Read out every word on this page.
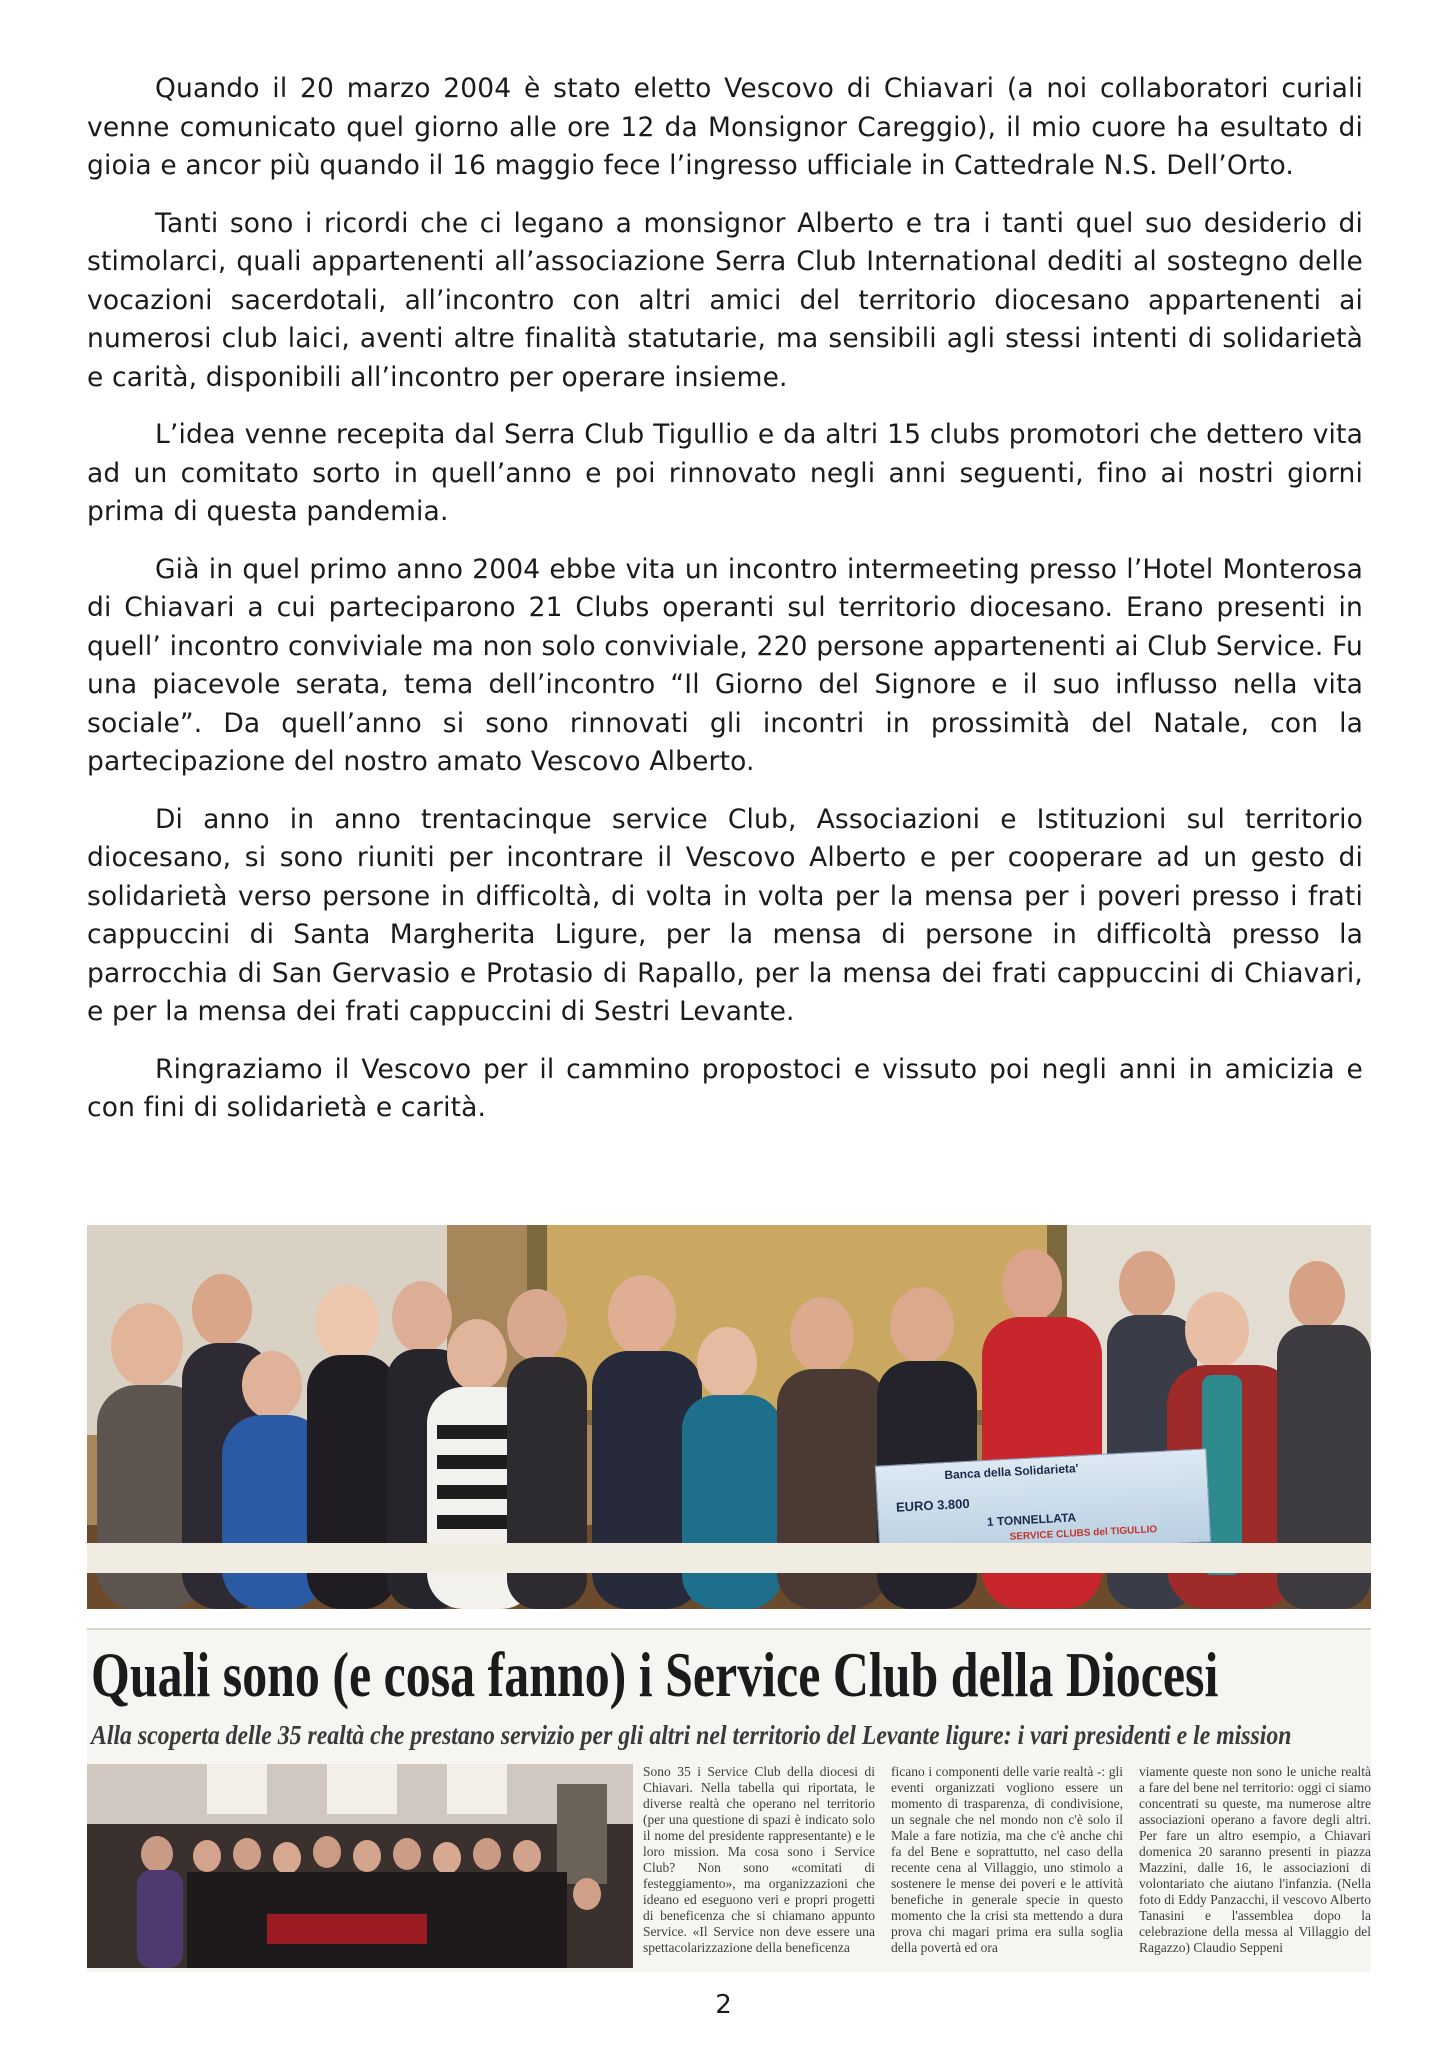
Quando il 20 marzo 2004 è stato eletto Vescovo di Chiavari (a noi collaboratori curiali venne comunicato quel giorno alle ore 12 da Monsignor Careggio), il mio cuore ha esultato di gioia e ancor più quando il 16 maggio fece l’ingresso ufficiale in Cattedrale N.S. Dell’Orto.

Tanti sono i ricordi che ci legano a monsignor Alberto e tra i tanti quel suo desiderio di stimolarci, quali appartenenti all’associazione Serra Club International dediti al sostegno delle vocazioni sacerdotali, all’incontro con altri amici del territorio diocesano appartenenti ai numerosi club laici, aventi altre finalità statutarie, ma sensibili agli stessi intenti di solidarietà e carità, disponibili all’incontro per operare insieme.

L’idea venne recepita dal Serra Club Tigullio e da altri 15 clubs promotori che dettero vita ad un comitato sorto in quell’anno e poi rinnovato negli anni seguenti, fino ai nostri giorni prima di questa pandemia.

Già in quel primo anno 2004 ebbe vita un incontro intermeeting presso l’Hotel Monterosa di Chiavari a cui parteciparono 21 Clubs operanti sul territorio diocesano. Erano presenti in quell’ incontro conviviale ma non solo conviviale, 220 persone appartenenti ai Club Service. Fu una piacevole serata, tema dell’incontro “Il Giorno del Signore e il suo influsso nella vita sociale”. Da quell’anno si sono rinnovati gli incontri in prossimità del Natale, con la partecipazione del nostro amato Vescovo Alberto.

Di anno in anno trentacinque service Club, Associazioni e Istituzioni sul territorio diocesano, si sono riuniti per incontrare il Vescovo Alberto e per cooperare ad un gesto di solidarietà verso persone in difficoltà, di volta in volta per la mensa per i poveri presso i frati cappuccini di Santa Margherita Ligure, per la mensa di persone in difficoltà presso la parrocchia di San Gervasio e Protasio di Rapallo, per la mensa dei frati cappuccini di Chiavari, e per la mensa dei frati cappuccini di Sestri Levante.

Ringraziamo il Vescovo per il cammino propostoci e vissuto poi negli anni in amicizia e con fini di solidarietà e carità.

Banca della Solidarieta'
EURO 3.800
1 TONNELLATA
SERVICE CLUBS del TIGULLIO
Quali sono (e cosa fanno) i Service Club della Diocesi
Alla scoperta delle 35 realtà che prestano servizio per gli altri nel territorio del Levante ligure: i vari presidenti e le mission
Sono 35 i Service Club della diocesi di Chiavari. Nella tabella qui riportata, le diverse realtà che operano nel territorio (per una questione di spazi è indicato solo il nome del presidente rappresentante) e le loro mission. Ma cosa sono i Service Club? Non sono «comitati di festeggiamento», ma organizzazioni che ideano ed eseguono veri e propri progetti di beneficenza che si chiamano appunto Service. «Il Service non deve essere una spettacolarizzazione della beneficenza
ficano i componenti delle varie realtà -: gli eventi organizzati vogliono essere un momento di trasparenza, di condivisione, un segnale che nel mondo non c'è solo il Male a fare notizia, ma che c'è anche chi fa del Bene e soprattutto, nel caso della recente cena al Villaggio, uno stimolo a sostenere le mense dei poveri e le attività benefiche in generale specie in questo momento che la crisi sta mettendo a dura prova chi magari prima era sulla soglia della povertà ed ora
viamente queste non sono le uniche realtà a fare del bene nel territorio: oggi ci siamo concentrati su queste, ma numerose altre associazioni operano a favore degli altri. Per fare un altro esempio, a Chiavari domenica 20 saranno presenti in piazza Mazzini, dalle 16, le associazioni di volontariato che aiutano l'infanzia. (Nella foto di Eddy Panzacchi, il vescovo Alberto Tanasini e l'assemblea dopo la celebrazione della messa al Villaggio del Ragazzo) Claudio Seppeni
2
